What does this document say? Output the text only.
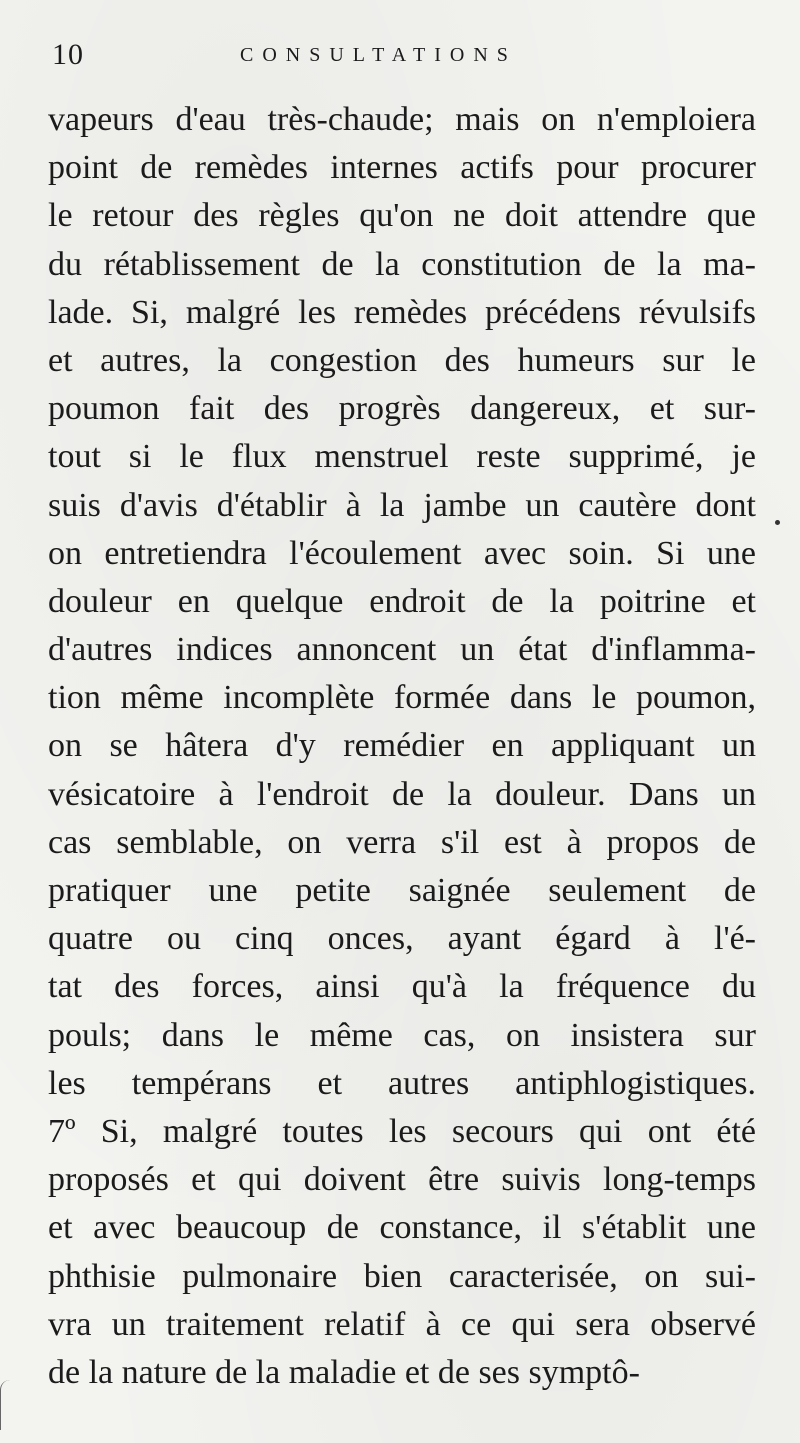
10	CONSULTATIONS
vapeurs d'eau très-chaude; mais on n'emploiera
point de remèdes internes actifs pour procurer
le retour des règles qu'on ne doit attendre que
du rétablissement de la constitution de la ma-
lade. Si, malgré les remèdes précédens révulsifs
et autres, la congestion des humeurs sur le
poumon fait des progrès dangereux, et sur-
tout si le flux menstruel reste supprimé, je
suis d'avis d'établir à la jambe un cautère dont
on entretiendra l'écoulement avec soin. Si une
douleur en quelque endroit de la poitrine et
d'autres indices annoncent un état d'inflamma-
tion même incomplète formée dans le poumon,
on se hâtera d'y remédier en appliquant un
vésicatoire à l'endroit de la douleur. Dans un
cas semblable, on verra s'il est à propos de
pratiquer une petite saignée seulement de
quatre ou cinq onces, ayant égard à l'é-
tat des forces, ainsi qu'à la fréquence du
pouls; dans le même cas, on insistera sur
les tempérans et autres antiphlogistiques.
7º Si, malgré toutes les secours qui ont été
proposés et qui doivent être suivis long-temps
et avec beaucoup de constance, il s'établit une
phthisie pulmonaire bien caracterisée, on sui-
vra un traitement relatif à ce qui sera observé
de la nature de la maladie et de ses symptô-
